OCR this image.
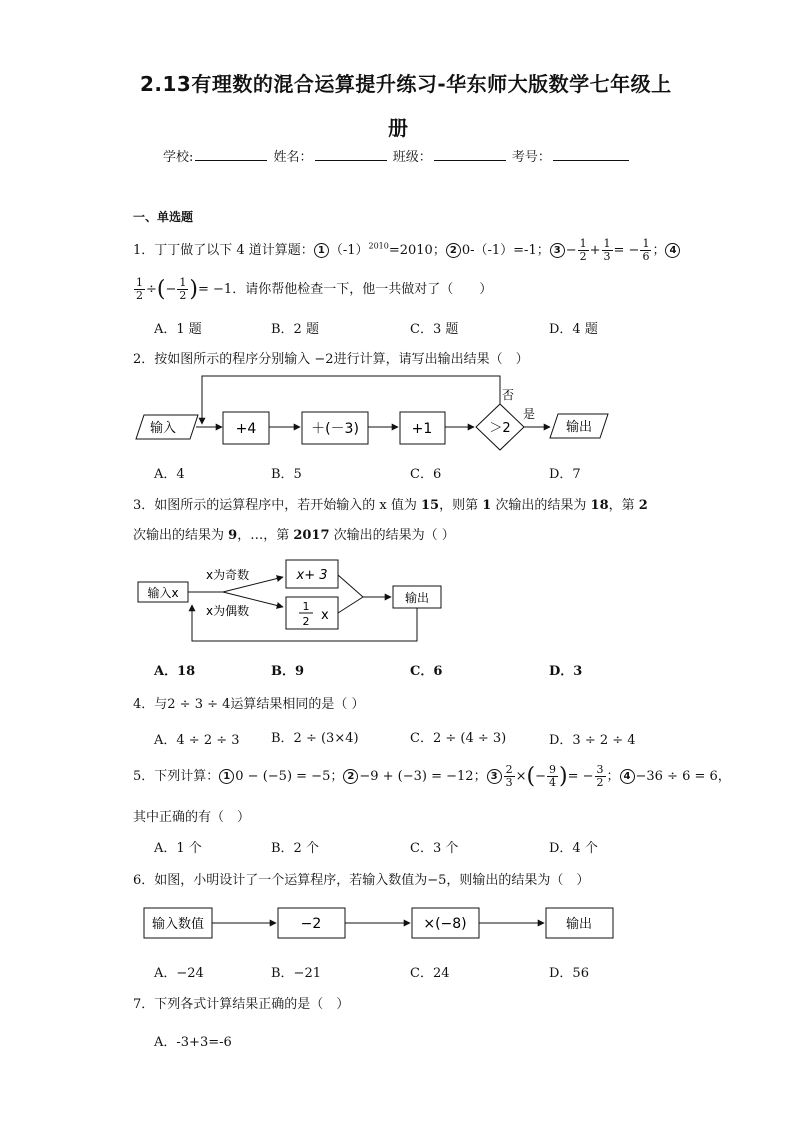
2.13有理数的混合运算提升练习-华东师大版数学七年级上
册
学校:	姓名：	班级：	考号：
一、单选题
1．丁丁做了以下 4 道计算题： 1 $(-1)^{2010}=2010$； 2 0-（-1）=-1； $3 - \frac{1}{2} + \frac{1}{3}$ = − $\frac{1}{6}$ ； 4
$\frac{1}{2}$ ÷(− $\frac{1}{2}$ )= −1．请你帮他检查一下，他一共做对了（　　）
A．1 题	B．2 题	C．3 题	D．4 题
2．按如图所示的程序分别输入 −2进行计算，请写出输出结果（　）
输入	+4	＋(－3)	+1	＞2
否
是
输出
A．4	B．5	C．6	D．7
3．如图所示的运算程序中，若开始输入的 x 值为 15，则第 1 次输出的结果为 18，第 2
次输出的结果为 9，…，第 2017 次输出的结果为（ ）
输入x
x为奇数
x为偶数
x+ 3
1
2 x
输出
A．18	B．9	C．6	D．3
4．与2 ÷ 3 ÷ 4运算结果相同的是（ ）
A．4 ÷ 2 ÷ 3 B．2 ÷ (3×4)	C．2 ÷ (4 ÷ 3)	D．3 ÷ 2 ÷ 4
5．下列计算： 1 0 − (−5) = −5； 2 −9 + (−3) = −12； $3 \frac{2}{3}$ ×(− $\frac{9}{4}$ )= − $\frac{3}{2}$ ； 4 −36 ÷ 6 = 6，
其中正确的有（　）
A．1 个	B．2 个	C．3 个	D．4 个
6．如图，小明设计了一个运算程序，若输入数值为−5，则输出的结果为（　）
输入数值	−2	×(−8)	输出
A．−24	B．−21	C．24	D．56
7．下列各式计算结果正确的是（　）
A．-3+3=-6
